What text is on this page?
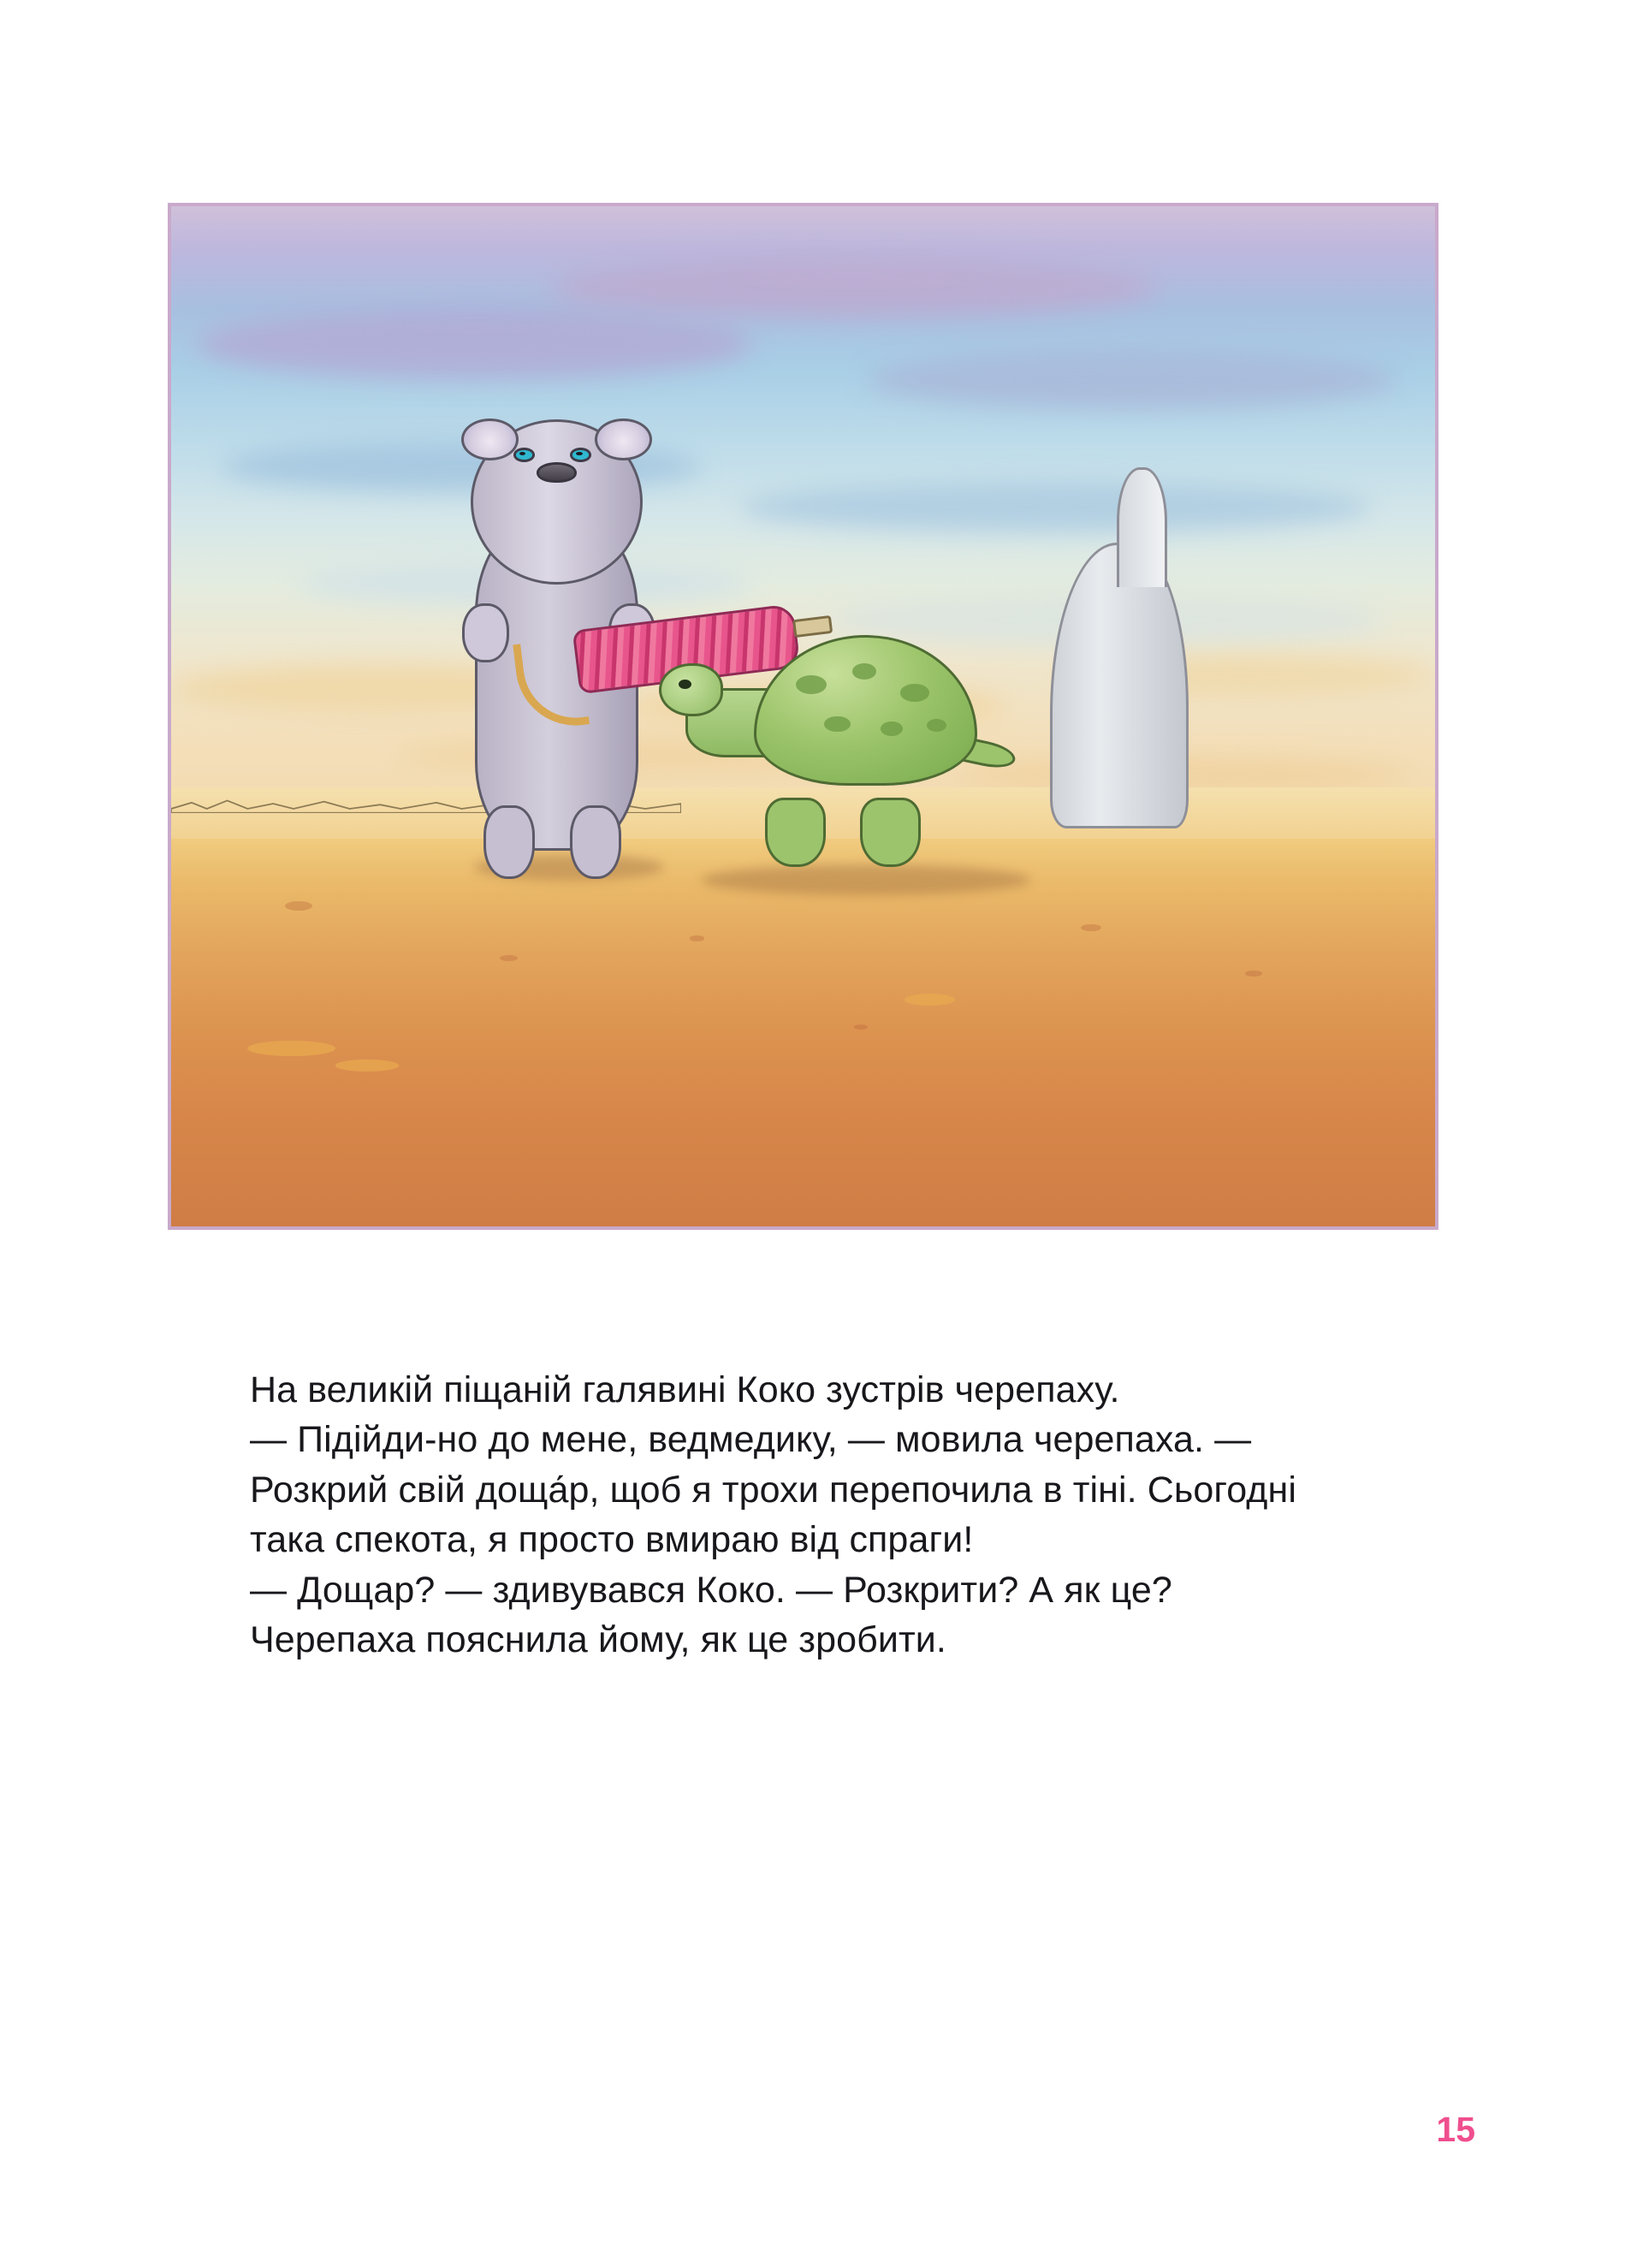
На великій піщаній галявині Коко зустрів черепаху.

— Підійди-но до мене, ведмедику, — мовила черепаха. — Розкрий свій доща́р, щоб я трохи перепочила в тіні. Сьогодні така спекота, я просто вмираю від спраги!

— Дощар? — здивувався Коко. — Розкрити? А як це?

Черепаха пояснила йому, як це зробити.

15
